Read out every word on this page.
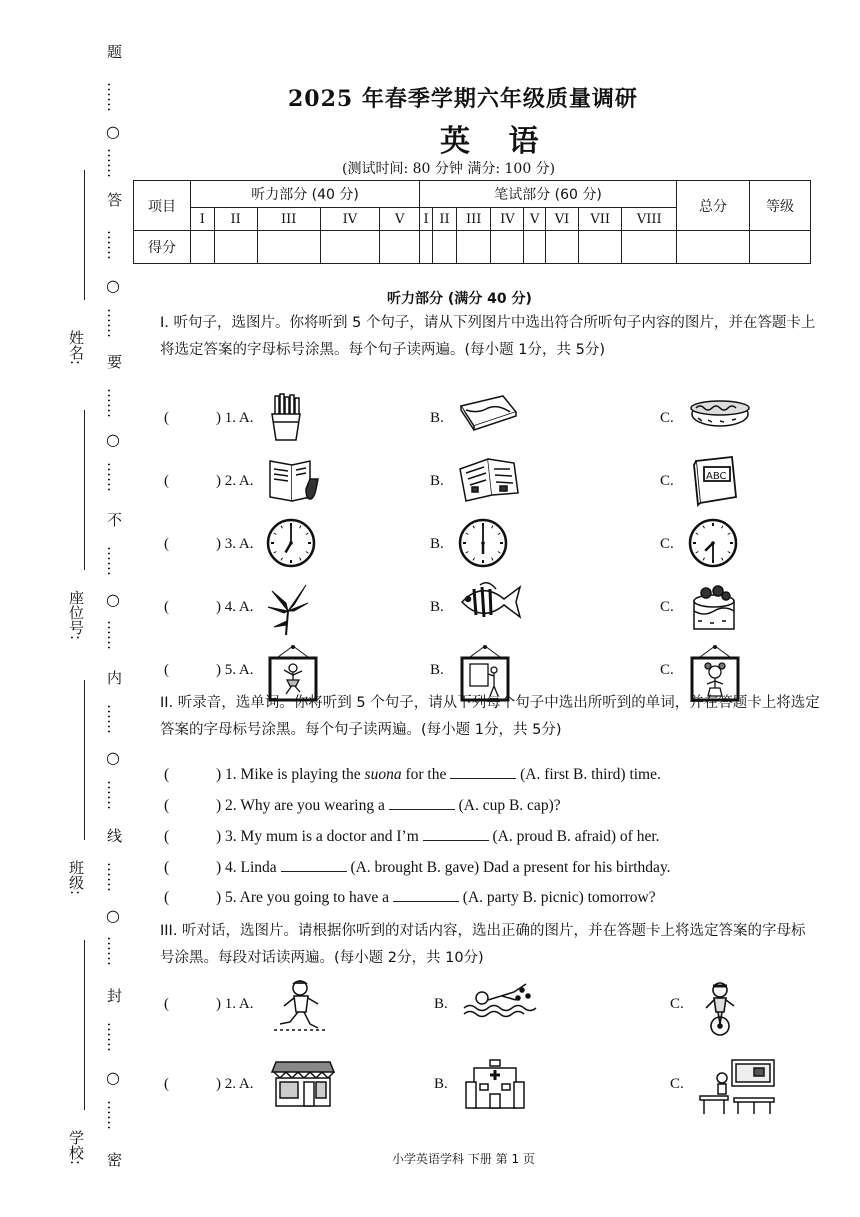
题
……
○
……
答
……
○
……
要
……
○
……
不
……
○
……
内
……
○
……
线
……
○
……
封
……
○
……
密
姓名:
座位号:
班级:
学校:
2025 年春季学期六年级质量调研
英 语
(测试时间: 80 分钟 满分: 100 分)
项目	听力部分 (40 分)					笔试部分 (60 分)								总分	等级
	I	II	III	IV	V	I	II	III	IV	V	VI	VII	VIII		
得分															
听力部分 (满分 40 分)
I. 听句子，选图片。你将听到 5 个句子，请从下列图片中选出符合所听句子内容的图片，并在答题卡上将选定答案的字母标号涂黑。每个句子读两遍。(每小题 1分，共 5分)
(	) 1. A.	B.	C.
(	) 2. A.	B.	C.	ABC
(	) 3. A.	B.	C.
(	) 4. A.	B.	C.
(	) 5. A.	B.	C.
II. 听录音，选单词。你将听到 5 个句子，请从下列每个句子中选出所听到的单词，并在答题卡上将选定答案的字母标号涂黑。每个句子读两遍。(每小题 1分，共 5分)
(	) 1. Mike is playing the suona for the	(A. first B. third) time.
(	) 2. Why are you wearing a	(A. cup B. cap)?
(	) 3. My mum is a doctor and I’m	(A. proud B. afraid) of her.
(	) 4. Linda	(A. brought B. gave) Dad a present for his birthday.
(	) 5. Are you going to have a	(A. party B. picnic) tomorrow?
III. 听对话，选图片。请根据你听到的对话内容，选出正确的图片，并在答题卡上将选定答案的字母标号涂黑。每段对话读两遍。(每小题 2分，共 10分)
(	) 1. A.	B.	C.
(	) 2. A.	B.	C.
小学英语学科 下册 第 1 页
